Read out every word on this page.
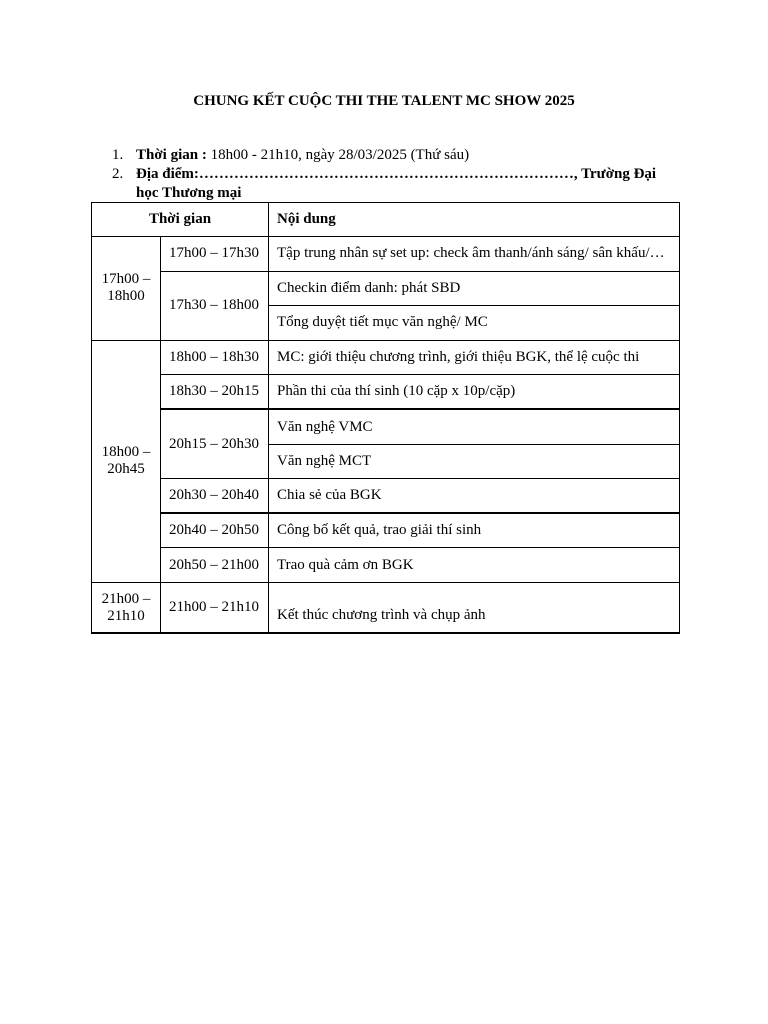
CHUNG KẾT CUỘC THI THE TALENT MC SHOW 2025
1. Thời gian : 18h00 - 21h10, ngày 28/03/2025 (Thứ sáu)
2. Địa điểm:…………………………………………………………………, Trường Đại học Thương mại
Thời gian		Nội dung
17h00 – 18h00	17h00 – 17h30	Tập trung nhân sự set up: check âm thanh/ánh sáng/ sân khấu/…
	17h30 – 18h00	Checkin điểm danh: phát SBD
		Tổng duyệt tiết mục văn nghệ/ MC
18h00 – 20h45	18h00 – 18h30	MC: giới thiệu chương trình, giới thiệu BGK, thể lệ cuộc thi
	18h30 – 20h15	Phần thi của thí sinh (10 cặp x 10p/cặp)
	20h15 – 20h30	Văn nghệ VMC
		Văn nghệ MCT
	20h30 – 20h40	Chia sẻ của BGK
	20h40 – 20h50	Công bố kết quả, trao giải thí sinh
	20h50 – 21h00	Trao quà cảm ơn BGK
21h00 – 21h10	21h00 – 21h10	Kết thúc chương trình và chụp ảnh
